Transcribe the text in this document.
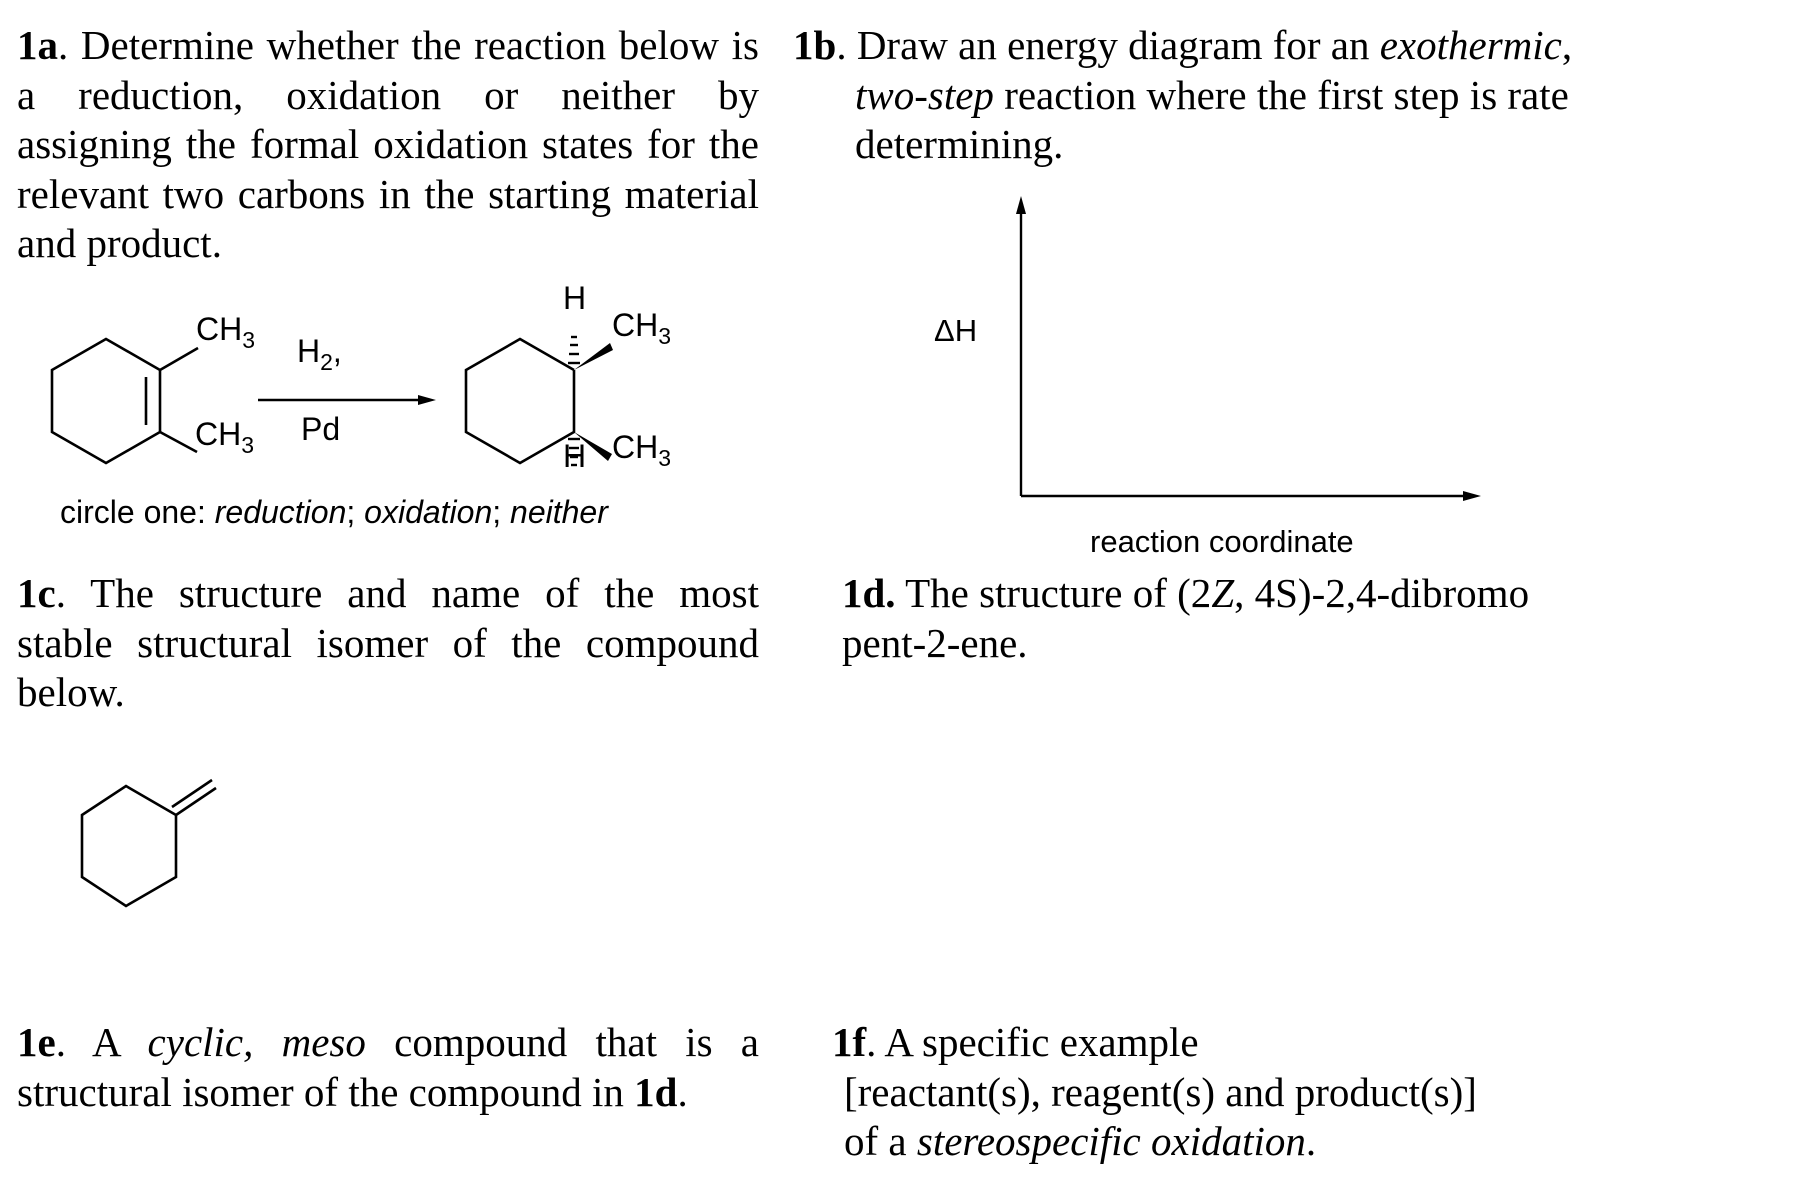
1a. Determine whether the reaction below is a reduction, oxidation or neither by assigning the formal oxidation states for the relevant two carbons in the starting material and product.

$CH_3$
$CH_3$
$H_2$,
Pd
H
H
$CH_3$
$CH_3$
circle one: reduction; oxidation; neither

1b. Draw an energy diagram for an exothermic,
two-step reaction where the first step is rate determining.

ΔH
reaction coordinate

1c. The structure and name of the most stable structural isomer of the compound below.

1d. The structure of (2Z, 4S)-2,4-dibromo pent-2-ene.

1e. A cyclic, meso compound that is a structural isomer of the compound in 1d.

1f. A specific example
[reactant(s), reagent(s) and product(s)]
of a stereospecific oxidation.
